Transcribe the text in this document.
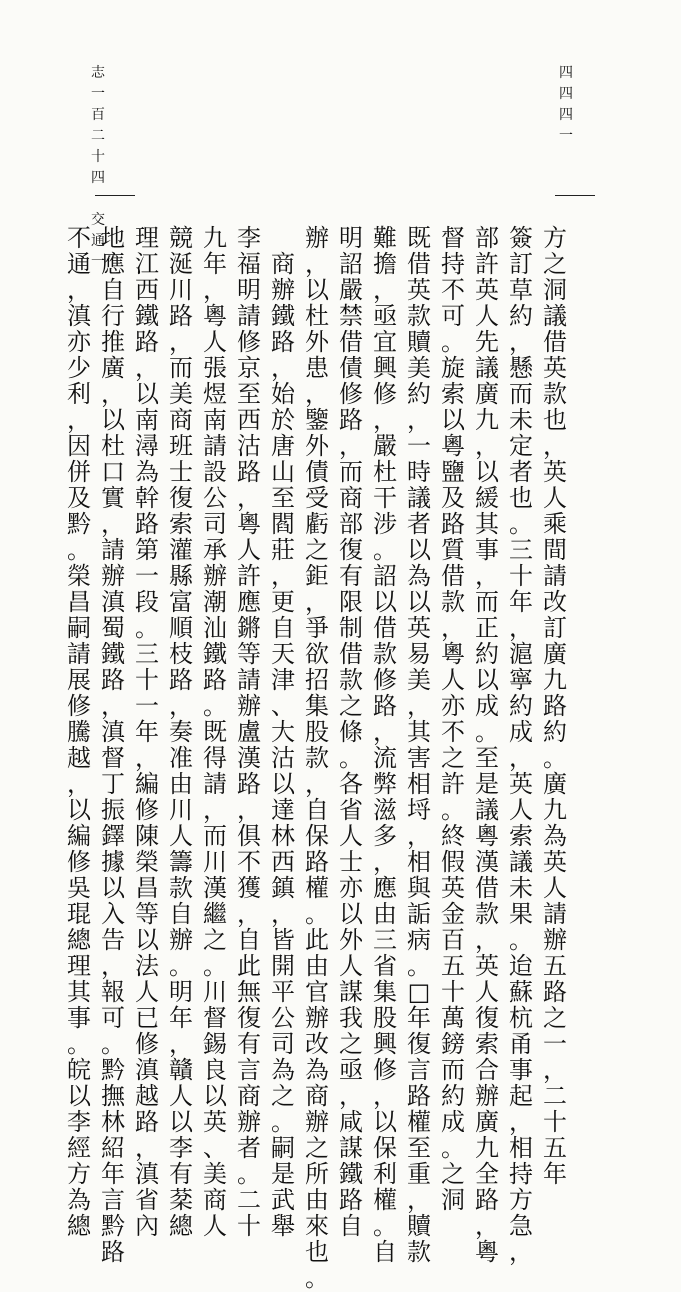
志
一
百
二
十
四

交
通
一
四
四
四
一
方
之
洞
議
借
英
款
也
，
英
人
乘
間
請
改
訂
廣
九
路
約
。
廣
九
為
英
人
請
辦
五
路
之
一
，
二
十
五
年
簽
訂
草
約
，
懸
而
未
定
者
也
。
三
十
年
，
滬
寧
約
成
，
英
人
索
議
未
果
。
迨
蘇
杭
甬
事
起
，
相
持
方
急
，
部
許
英
人
先
議
廣
九
，
以
緩
其
事
，
而
正
約
以
成
。
至
是
議
粵
漢
借
款
，
英
人
復
索
合
辦
廣
九
全
路
，
粵
督
持
不
可
。
旋
索
以
粵
鹽
及
路
質
借
款
，
粵
人
亦
不
之
許
。
終
假
英
金
百
五
十
萬
鎊
而
約
成
。
之
洞
既
借
英
款
贖
美
約
，
一
時
議
者
以
為
以
英
易
美
，
其
害
相
埒
，
相
與
詬
病
。
□
年
復
言
路
權
至
重
，
贖
款
難
擔
，
亟
宜
興
修
，
嚴
杜
干
涉
。
詔
以
借
款
修
路
，
流
弊
滋
多
，
應
由
三
省
集
股
興
修
，
以
保
利
權
。
自
明
詔
嚴
禁
借
債
修
路
，
而
商
部
復
有
限
制
借
款
之
條
。
各
省
人
士
亦
以
外
人
謀
我
之
亟
，
咸
謀
鐵
路
自
辦
，
以
杜
外
患
，
鑒
外
債
受
虧
之
鉅
，
爭
欲
招
集
股
款
，
自
保
路
權
。
此
由
官
辦
改
為
商
辦
之
所
由
來
也
。

商
辦
鐵
路
，
始
於
唐
山
至
閻
莊
，
更
自
天
津
、
大
沽
以
達
林
西
鎮
，
皆
開
平
公
司
為
之
。
嗣
是
武
舉
李
福
明
請
修
京
至
西
沽
路
，
粵
人
許
應
鏘
等
請
辦
盧
漢
路
，
俱
不
獲
，
自
此
無
復
有
言
商
辦
者
。
二
十
九
年
，
粵
人
張
煜
南
請
設
公
司
承
辦
潮
汕
鐵
路
。
既
得
請
，
而
川
漢
繼
之
。
川
督
錫
良
以
英
、
美
商
人
競
涎
川
路
，
而
美
商
班
士
復
索
灌
縣
富
順
枝
路
，
奏
准
由
川
人
籌
款
自
辦
。
明
年
，
贛
人
以
李
有
棻
總
理
江
西
鐵
路
，
以
南
潯
為
幹
路
第
一
段
。
三
十
一
年
，
編
修
陳
榮
昌
等
以
法
人
已
修
滇
越
路
，
滇
省
內
地
應
自
行
推
廣
，
以
杜
口
實
，
請
辦
滇
蜀
鐵
路
，
滇
督
丁
振
鐸
據
以
入
告
，
報
可
。
黔
撫
林
紹
年
言
黔
路
不
通
，
滇
亦
少
利
，
因
併
及
黔
。
榮
昌
嗣
請
展
修
騰
越
，
以
編
修
吳
琨
總
理
其
事
。
皖
以
李
經
方
為
總
